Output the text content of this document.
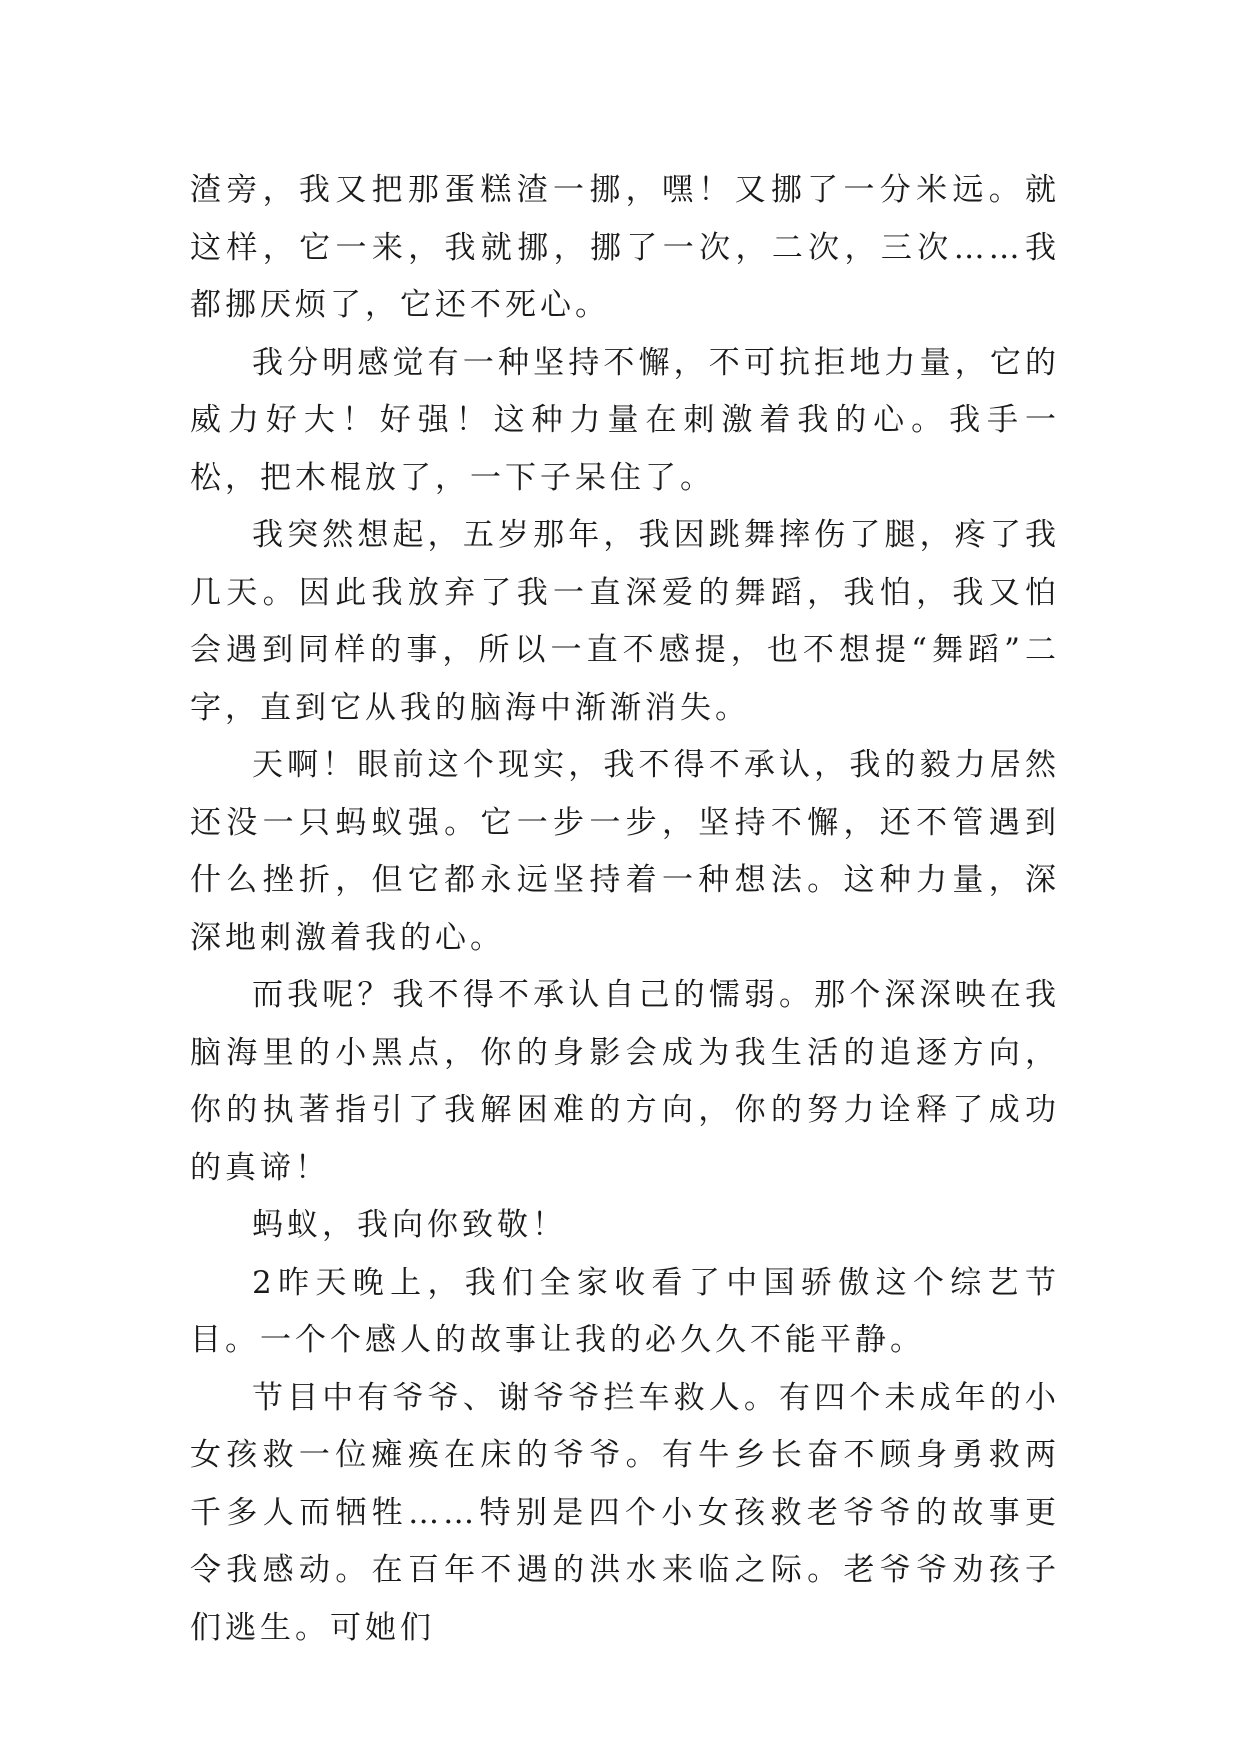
渣旁，我又把那蛋糕渣一挪，嘿！又挪了一分米远。就这样，它一来，我就挪，挪了一次，二次，三次……我都挪厌烦了，它还不死心。

我分明感觉有一种坚持不懈，不可抗拒地力量，它的威力好大！好强！这种力量在刺激着我的心。我手一松，把木棍放了，一下子呆住了。

我突然想起，五岁那年，我因跳舞摔伤了腿，疼了我几天。因此我放弃了我一直深爱的舞蹈，我怕，我又怕会遇到同样的事，所以一直不感提，也不想提“舞蹈”二字，直到它从我的脑海中渐渐消失。

天啊！眼前这个现实，我不得不承认，我的毅力居然还没一只蚂蚁强。它一步一步，坚持不懈，还不管遇到什么挫折，但它都永远坚持着一种想法。这种力量，深深地刺激着我的心。

而我呢？我不得不承认自己的懦弱。那个深深映在我脑海里的小黑点，你的身影会成为我生活的追逐方向，你的执著指引了我解困难的方向，你的努力诠释了成功的真谛！

蚂蚁，我向你致敬！

2昨天晚上，我们全家收看了中国骄傲这个综艺节目。一个个感人的故事让我的必久久不能平静。

节目中有爷爷、谢爷爷拦车救人。有四个未成年的小女孩救一位瘫痪在床的爷爷。有牛乡长奋不顾身勇救两千多人而牺牲……特别是四个小女孩救老爷爷的故事更令我感动。在百年不遇的洪水来临之际。老爷爷劝孩子们逃生。可她们
